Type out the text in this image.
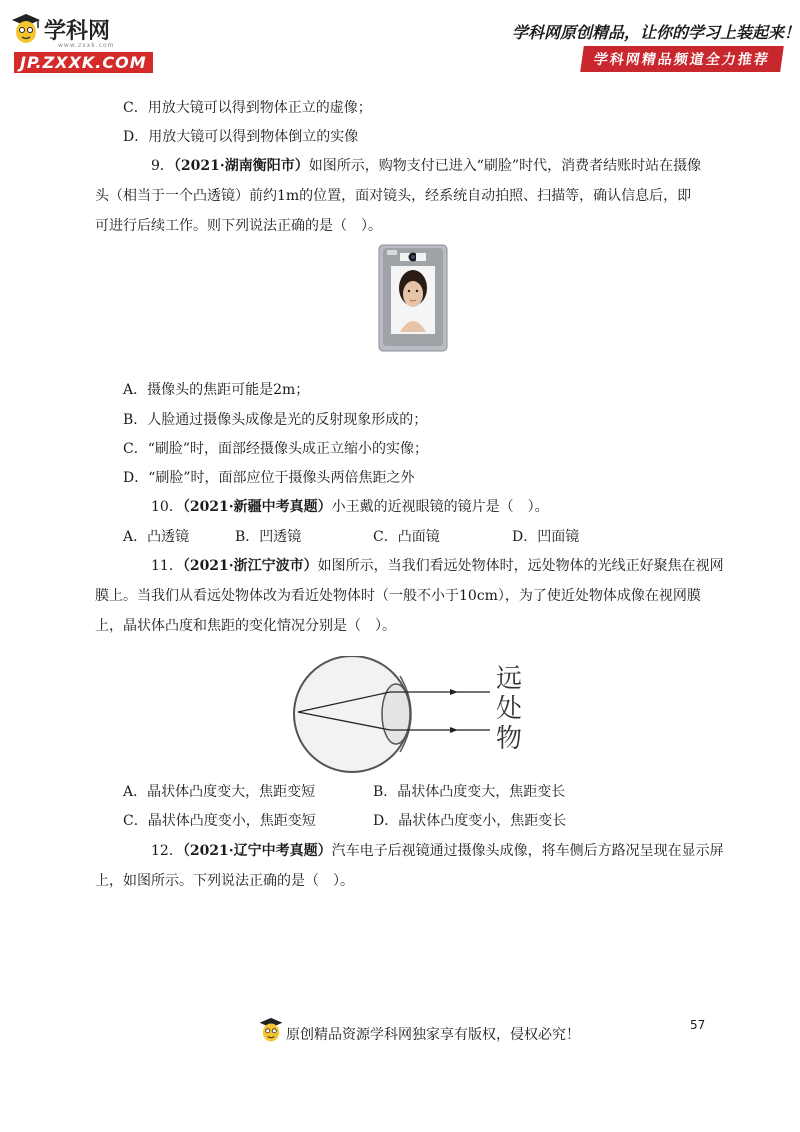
学科网
www.zxxk.com
JP.ZXXK.COM
学科网原创精品，让你的学习上装起来！
学科网精品频道全力推荐
C．用放大镜可以得到物体正立的虚像；
D．用放大镜可以得到物体倒立的实像
9．（2021·湖南衡阳市）如图所示，购物支付已进入“刷脸”时代，消费者结账时站在摄像
头（相当于一个凸透镜）前约1m的位置，面对镜头，经系统自动拍照、扫描等，确认信息后，即
可进行后续工作。则下列说法正确的是（　）。
A．摄像头的焦距可能是2m；
B．人脸通过摄像头成像是光的反射现象形成的；
C．“刷脸”时，面部经摄像头成正立缩小的实像；
D．“刷脸”时，面部应位于摄像头两倍焦距之外
10．（2021·新疆中考真题）小王戴的近视眼镜的镜片是（　）。
A．凸透镜	B．凹透镜	C．凸面镜	D．凹面镜
11．（2021·浙江宁波市）如图所示，当我们看远处物体时，远处物体的光线正好聚焦在视网
膜上。当我们从看远处物体改为看近处物体时（一般不小于10cm），为了使近处物体成像在视网膜
上，晶状体凸度和焦距的变化情况分别是（　）。
远处物
A．晶状体凸度变大，焦距变短	B．晶状体凸度变大，焦距变长
C．晶状体凸度变小，焦距变短	D．晶状体凸度变小，焦距变长
12．（2021·辽宁中考真题）汽车电子后视镜通过摄像头成像，将车侧后方路况呈现在显示屏
上，如图所示。下列说法正确的是（　）。
57
原创精品资源学科网独家享有版权，侵权必究！
